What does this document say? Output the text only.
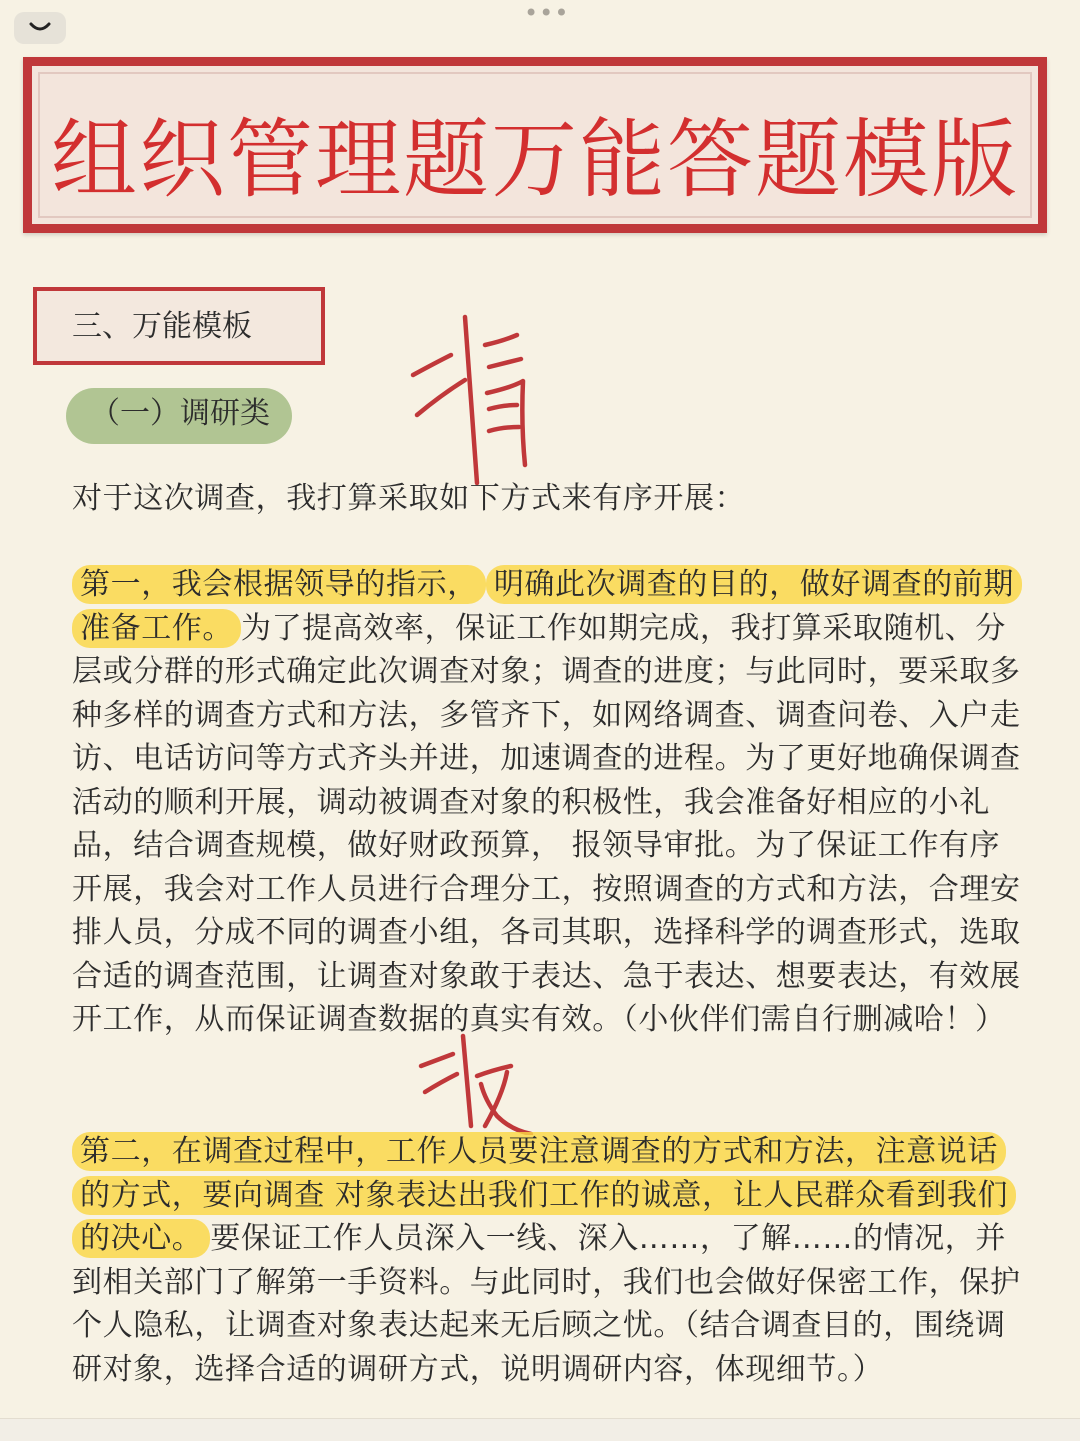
•••
组织管理题万能答题模版
三、万能模板
（一）调研类

对于这次调查，我打算采取如下方式来有序开展：

第一，我会根据领导的指示， 明确此次调查的目的，做好调查的前期准备工作。 为了提高效率，保证工作如期完成，我打算采取随机、分层或分群的形式确定此次调查对象；调查的进度；与此同时，要采取多种多样的调查方式和方法，多管齐下，如网络调查、调查问卷、入户走访、电话访问等方式齐头并进，加速调查的进程。为了更好地确保调查活动的顺利开展，调动被调查对象的积极性，我会准备好相应的小礼品，结合调查规模，做好财政预算， 报领导审批。为了保证工作有序开展，我会对工作人员进行合理分工，按照调查的方式和方法，合理安排人员，分成不同的调查小组，各司其职，选择科学的调查形式，选取合适的调查范围，让调查对象敢于表达、急于表达、想要表达，有效展开工作，从而保证调查数据的真实有效。（小伙伴们需自行删减哈！）

第二，在调查过程中，工作人员要注意调查的方式和方法，注意说话的方式，要向调查 对象表达出我们工作的诚意，让人民群众看到我们的决心。 要保证工作人员深入一线、深入……，了解……的情况，并到相关部门了解第一手资料。与此同时，我们也会做好保密工作，保护个人隐私，让调查对象表达起来无后顾之忧。（结合调查目的，围绕调研对象，选择合适的调研方式，说明调研内容，体现细节。）
